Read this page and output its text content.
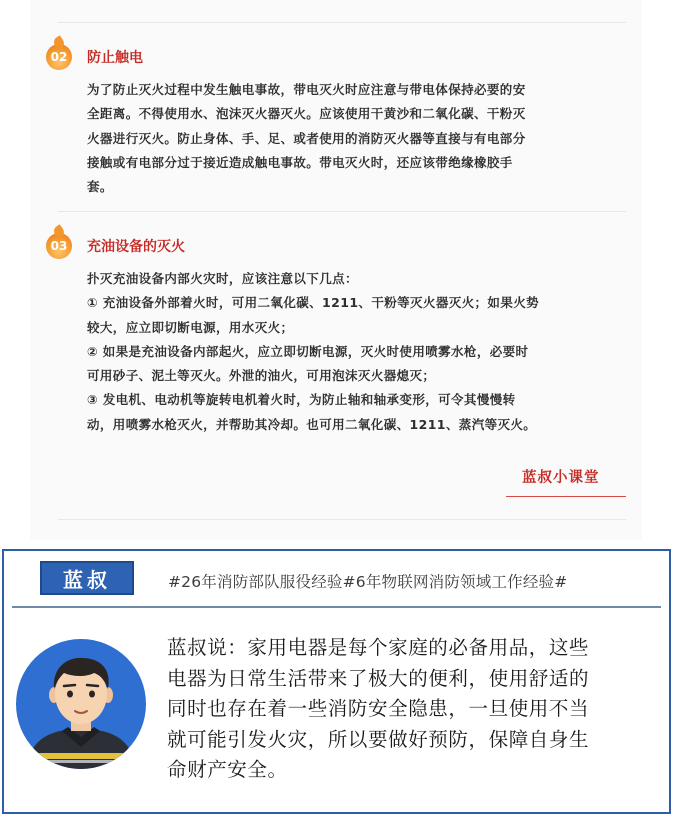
02 防止触电
为了防止灭火过程中发生触电事故，带电灭火时应注意与带电体保持必要的安
全距离。不得使用水、泡沫灭火器灭火。应该使用干黄沙和二氧化碳、干粉灭
火器进行灭火。防止身体、手、足、或者使用的消防灭火器等直接与有电部分
接触或有电部分过于接近造成触电事故。带电灭火时，还应该带绝缘橡胶手
套。
03 充油设备的灭火
扑灭充油设备内部火灾时，应该注意以下几点：
① 充油设备外部着火时，可用二氧化碳、1211、干粉等灭火器灭火；如果火势
较大，应立即切断电源，用水灭火；
② 如果是充油设备内部起火，应立即切断电源，灭火时使用喷雾水枪，必要时
可用砂子、泥土等灭火。外泄的油火，可用泡沫灭火器熄灭；
③ 发电机、电动机等旋转电机着火时，为防止轴和轴承变形，可令其慢慢转
动，用喷雾水枪灭火，并帮助其冷却。也可用二氧化碳、1211、蒸汽等灭火。
蓝叔小课堂
蓝叔	#26年消防部队服役经验#6年物联网消防领域工作经验#
蓝叔说：家用电器是每个家庭的必备用品，这些
电器为日常生活带来了极大的便利，使用舒适的
同时也存在着一些消防安全隐患，一旦使用不当
就可能引发火灾，所以要做好预防，保障自身生
命财产安全。
